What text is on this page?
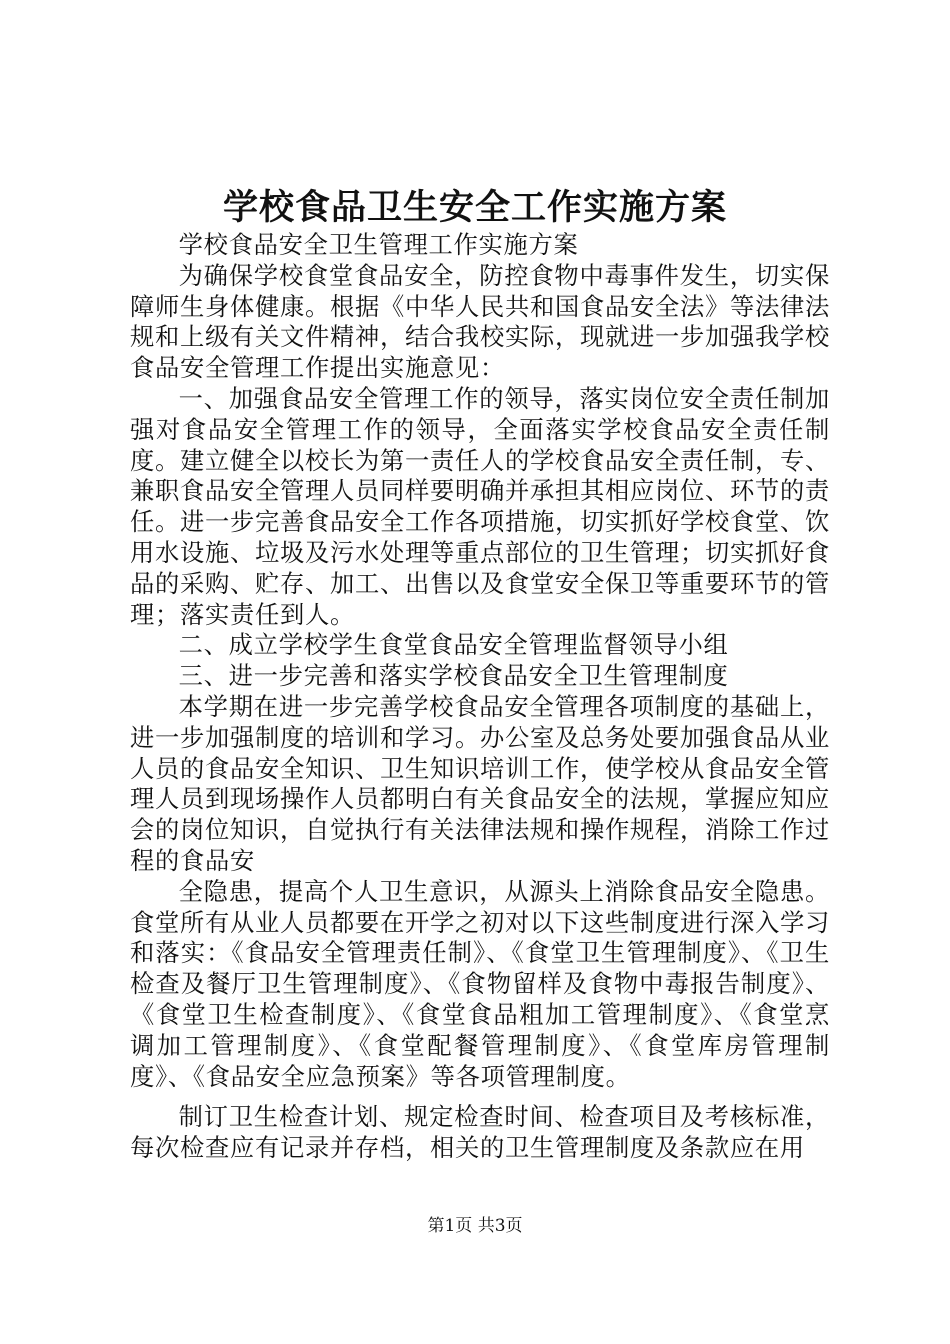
学校食品卫生安全工作实施方案

学校食品安全卫生管理工作实施方案

为确保学校食堂食品安全，防控食物中毒事件发生，切实保障师生身体健康。根据《中华人民共和国食品安全法》等法律法规和上级有关文件精神，结合我校实际，现就进一步加强我学校食品安全管理工作提出实施意见：

一、加强食品安全管理工作的领导，落实岗位安全责任制加强对食品安全管理工作的领导，全面落实学校食品安全责任制度。建立健全以校长为第一责任人的学校食品安全责任制，专、兼职食品安全管理人员同样要明确并承担其相应岗位、环节的责任。进一步完善食品安全工作各项措施，切实抓好学校食堂、饮用水设施、垃圾及污水处理等重点部位的卫生管理；切实抓好食品的采购、贮存、加工、出售以及食堂安全保卫等重要环节的管理；落实责任到人。

二、成立学校学生食堂食品安全管理监督领导小组

三、进一步完善和落实学校食品安全卫生管理制度

本学期在进一步完善学校食品安全管理各项制度的基础上，进一步加强制度的培训和学习。办公室及总务处要加强食品从业人员的食品安全知识、卫生知识培训工作，使学校从食品安全管理人员到现场操作人员都明白有关食品安全的法规，掌握应知应会的岗位知识，自觉执行有关法律法规和操作规程，消除工作过程的食品安

全隐患，提高个人卫生意识，从源头上消除食品安全隐患。食堂所有从业人员都要在开学之初对以下这些制度进行深入学习和落实：《食品安全管理责任制》、《食堂卫生管理制度》、《卫生检查及餐厅卫生管理制度》、《食物留样及食物中毒报告制度》、《食堂卫生检查制度》、《食堂食品粗加工管理制度》、《食堂烹调加工管理制度》、《食堂配餐管理制度》、《食堂库房管理制度》、《食品安全应急预案》等各项管理制度。

制订卫生检查计划、规定检查时间、检查项目及考核标准，每次检查应有记录并存档，相关的卫生管理制度及条款应在用

第1页 共3页
